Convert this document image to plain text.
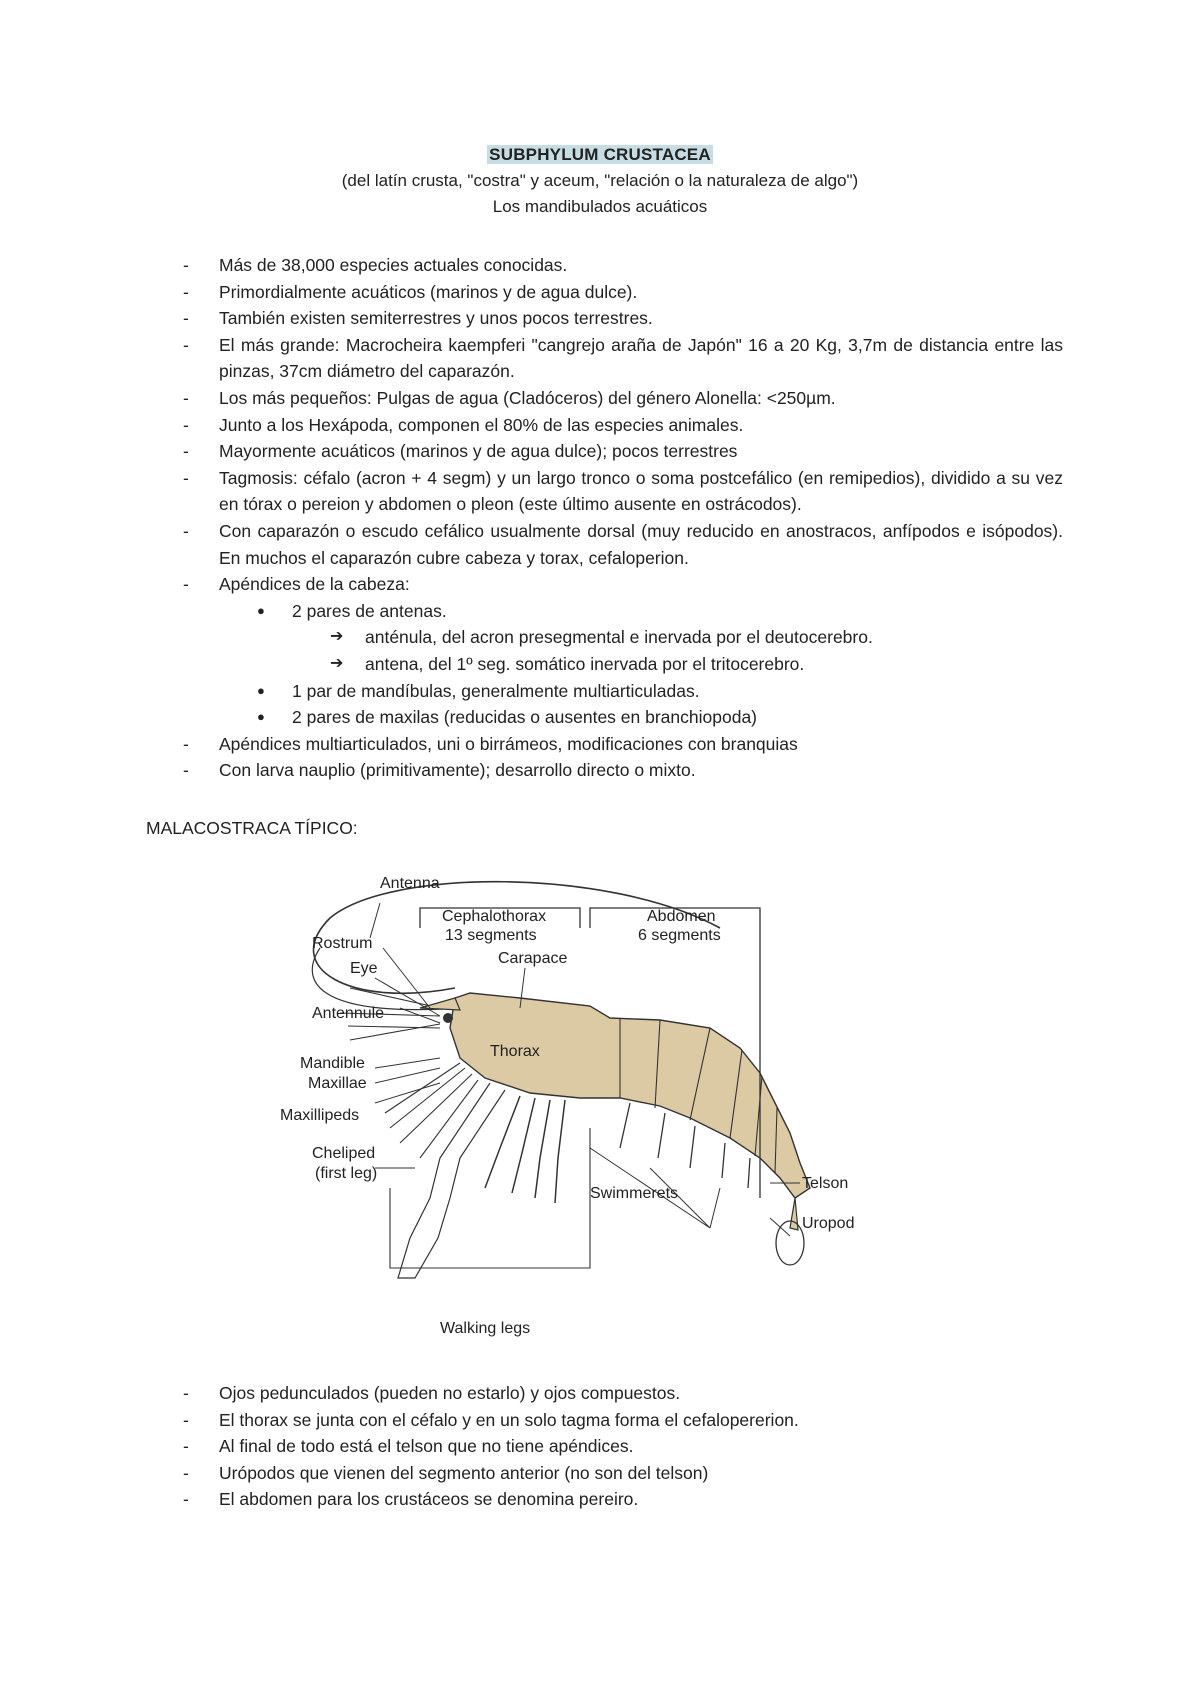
SUBPHYLUM CRUSTACEA
(del latín crusta, "costra" y aceum, "relación o la naturaleza de algo")
Los mandibulados acuáticos
- Más de 38,000 especies actuales conocidas.
- Primordialmente acuáticos (marinos y de agua dulce).
- También existen semiterrestres y unos pocos terrestres.
- El más grande: Macrocheira kaempferi "cangrejo araña de Japón" 16 a 20 Kg, 3,7m de distancia entre las pinzas, 37cm diámetro del caparazón.
- Los más pequeños: Pulgas de agua (Cladóceros) del género Alonella: <250µm.
- Junto a los Hexápoda, componen el 80% de las especies animales.
- Mayormente acuáticos (marinos y de agua dulce); pocos terrestres
- Tagmosis: céfalo (acron + 4 segm) y un largo tronco o soma postcefálico (en remipedios), dividido a su vez en tórax o pereion y abdomen o pleon (este último ausente en ostrácodos).
- Con caparazón o escudo cefálico usualmente dorsal (muy reducido en anostracos, anfípodos e isópodos). En muchos el caparazón cubre cabeza y torax, cefaloperion.
- Apéndices de la cabeza:
● 2 pares de antenas.
➔ anténula, del acron presegmental e inervada por el deutocerebro.
➔ antena, del 1º seg. somático inervada por el tritocerebro.
● 1 par de mandíbulas, generalmente multiarticuladas.
● 2 pares de maxilas (reducidas o ausentes en branchiopoda)
- Apéndices multiarticulados, uni o birrámeos, modificaciones con branquias
- Con larva nauplio (primitivamente); desarrollo directo o mixto.
MALACOSTRACA TÍPICO:
Antenna
Cephalothorax
13 segments
Abdomen
6 segments
Rostrum
Eye
Carapace
Thorax
Antennule
Mandible
Maxillae
Maxillipeds
Cheliped
(first leg)
Swimmerets
Telson
Uropod
Walking legs
- Ojos pedunculados (pueden no estarlo) y ojos compuestos.
- El thorax se junta con el céfalo y en un solo tagma forma el cefalopererion.
- Al final de todo está el telson que no tiene apéndices.
- Urópodos que vienen del segmento anterior (no son del telson)
- El abdomen para los crustáceos se denomina pereiro.
